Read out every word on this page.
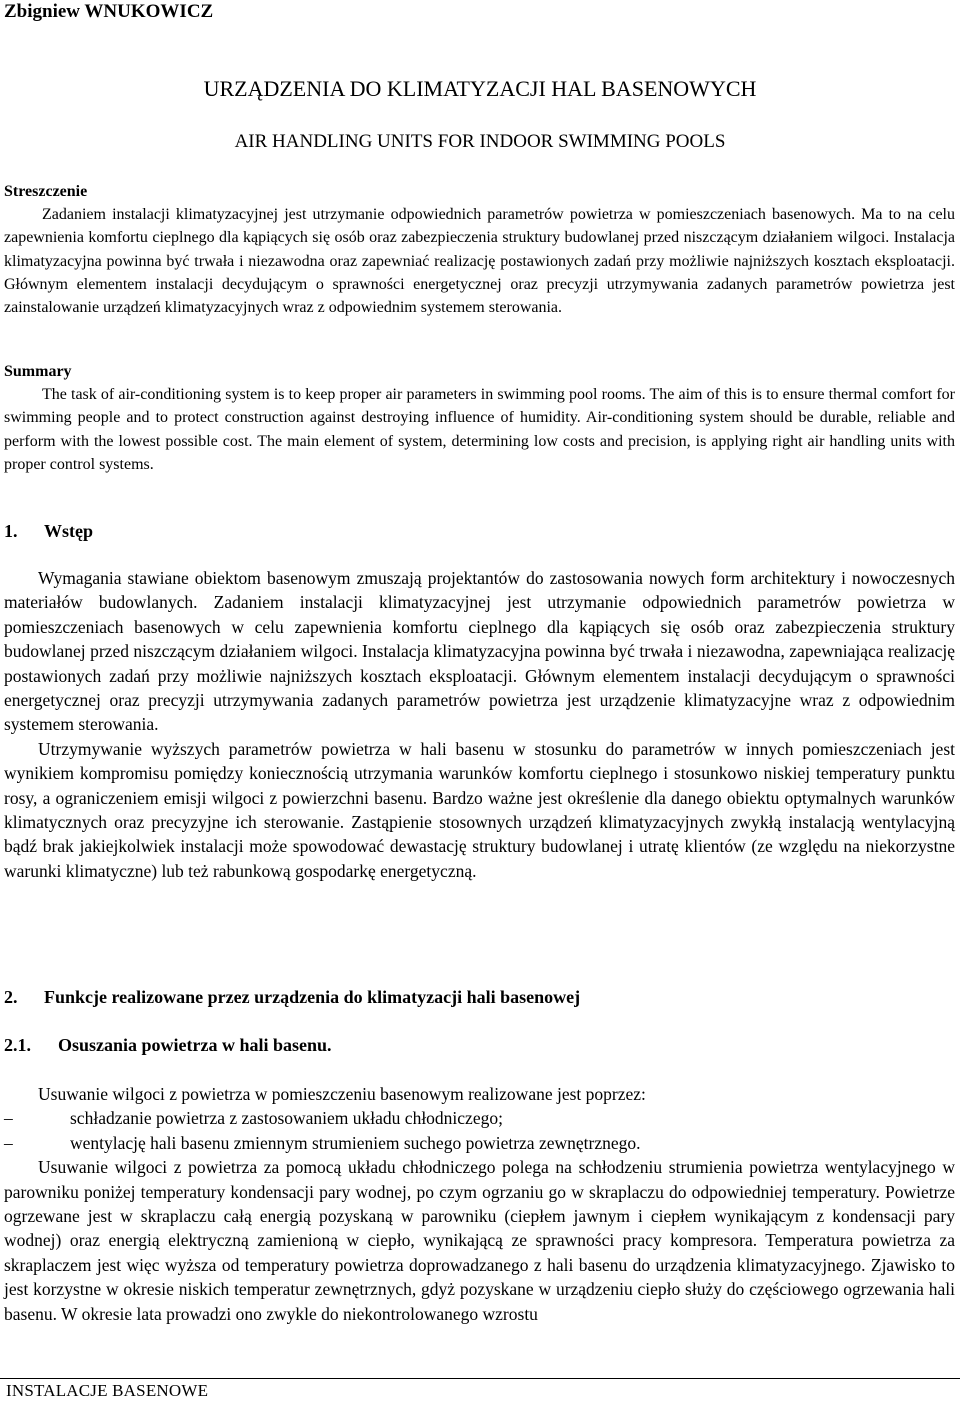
Zbigniew WNUKOWICZ
URZĄDZENIA DO KLIMATYZACJI HAL BASENOWYCH
AIR HANDLING UNITS FOR INDOOR SWIMMING POOLS
Streszczenie

Zadaniem instalacji klimatyzacyjnej jest utrzymanie odpowiednich parametrów powietrza w pomieszczeniach basenowych. Ma to na celu zapewnienia komfortu cieplnego dla kąpiących się osób oraz zabezpieczenia struktury budowlanej przed niszczącym działaniem wilgoci. Instalacja klimatyzacyjna powinna być trwała i niezawodna oraz zapewniać realizację postawionych zadań przy możliwie najniższych kosztach eksploatacji. Głównym elementem instalacji decydującym o sprawności energetycznej oraz precyzji utrzymywania zadanych parametrów powietrza jest zainstalowanie urządzeń klimatyzacyjnych wraz z odpowiednim systemem sterowania.

Summary

The task of air-conditioning system is to keep proper air parameters in swimming pool rooms. The aim of this is to ensure thermal comfort for swimming people and to protect construction against destroying influence of humidity. Air-conditioning system should be durable, reliable and perform with the lowest possible cost. The main element of system, determining low costs and precision, is applying right air handling units with proper control systems.

1. Wstęp

Wymagania stawiane obiektom basenowym zmuszają projektantów do zastosowania nowych form architektury i nowoczesnych materiałów budowlanych. Zadaniem instalacji klimatyzacyjnej jest utrzymanie odpowiednich parametrów powietrza w pomieszczeniach basenowych w celu zapewnienia komfortu cieplnego dla kąpiących się osób oraz zabezpieczenia struktury budowlanej przed niszczącym działaniem wilgoci. Instalacja klimatyzacyjna powinna być trwała i niezawodna, zapewniająca realizację postawionych zadań przy możliwie najniższych kosztach eksploatacji. Głównym elementem instalacji decydującym o sprawności energetycznej oraz precyzji utrzymywania zadanych parametrów powietrza jest urządzenie klimatyzacyjne wraz z odpowiednim systemem sterowania.

Utrzymywanie wyższych parametrów powietrza w hali basenu w stosunku do parametrów w innych pomieszczeniach jest wynikiem kompromisu pomiędzy koniecznością utrzymania warunków komfortu cieplnego i stosunkowo niskiej temperatury punktu rosy, a ograniczeniem emisji wilgoci z powierzchni basenu. Bardzo ważne jest określenie dla danego obiektu optymalnych warunków klimatycznych oraz precyzyjne ich sterowanie. Zastąpienie stosownych urządzeń klimatyzacyjnych zwykłą instalacją wentylacyjną bądź brak jakiejkolwiek instalacji może spowodować dewastację struktury budowlanej i utratę klientów (ze względu na niekorzystne warunki klimatyczne) lub też rabunkową gospodarkę energetyczną.

2. Funkcje realizowane przez urządzenia do klimatyzacji hali basenowej
2.1. Osuszania powietrza w hali basenu.

Usuwanie wilgoci z powietrza w pomieszczeniu basenowym realizowane jest poprzez:

–	schładzanie powietrza z zastosowaniem układu chłodniczego;
–	wentylację hali basenu zmiennym strumieniem suchego powietrza zewnętrznego.

Usuwanie wilgoci z powietrza za pomocą układu chłodniczego polega na schłodzeniu strumienia powietrza wentylacyjnego w parowniku poniżej temperatury kondensacji pary wodnej, po czym ogrzaniu go w skraplaczu do odpowiedniej temperatury. Powietrze ogrzewane jest w skraplaczu całą energią pozyskaną w parowniku (ciepłem jawnym i ciepłem wynikającym z kondensacji pary wodnej) oraz energią elektryczną zamienioną w ciepło, wynikającą ze sprawności pracy kompresora. Temperatura powietrza za skraplaczem jest więc wyższa od temperatury powietrza doprowadzanego z hali basenu do urządzenia klimatyzacyjnego. Zjawisko to jest korzystne w okresie niskich temperatur zewnętrznych, gdyż pozyskane w urządzeniu ciepło służy do częściowego ogrzewania hali basenu. W okresie lata prowadzi ono zwykle do niekontrolowanego wzrostu

INSTALACJE BASENOWE
